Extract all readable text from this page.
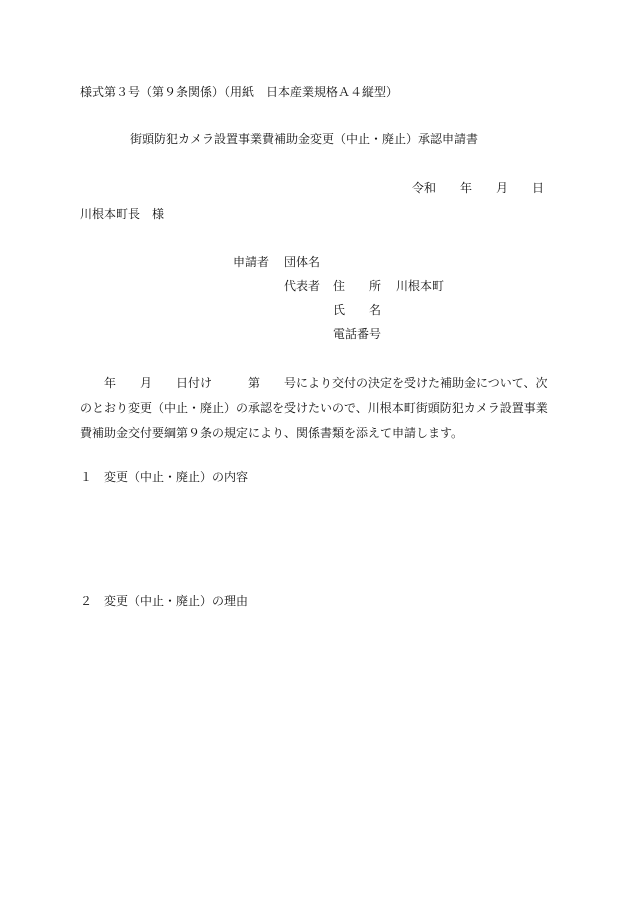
様式第３号（第９条関係）（用紙　日本産業規格Ａ４縦型）
街頭防犯カメラ設置事業費補助金変更（中止・廃止）承認申請書
令和　　年　　月　　日
川根本町長　様
申請者 団体名
代表者 住　　所 川根本町
氏　　名
電話番号
年　　月　　日付け　　　第　　号により交付の決定を受けた補助金について、次のとおり変更（中止・廃止）の承認を受けたいので、川根本町街頭防犯カメラ設置事業費補助金交付要綱第９条の規定により、関係書類を添えて申請します。
１　変更（中止・廃止）の内容
２　変更（中止・廃止）の理由
